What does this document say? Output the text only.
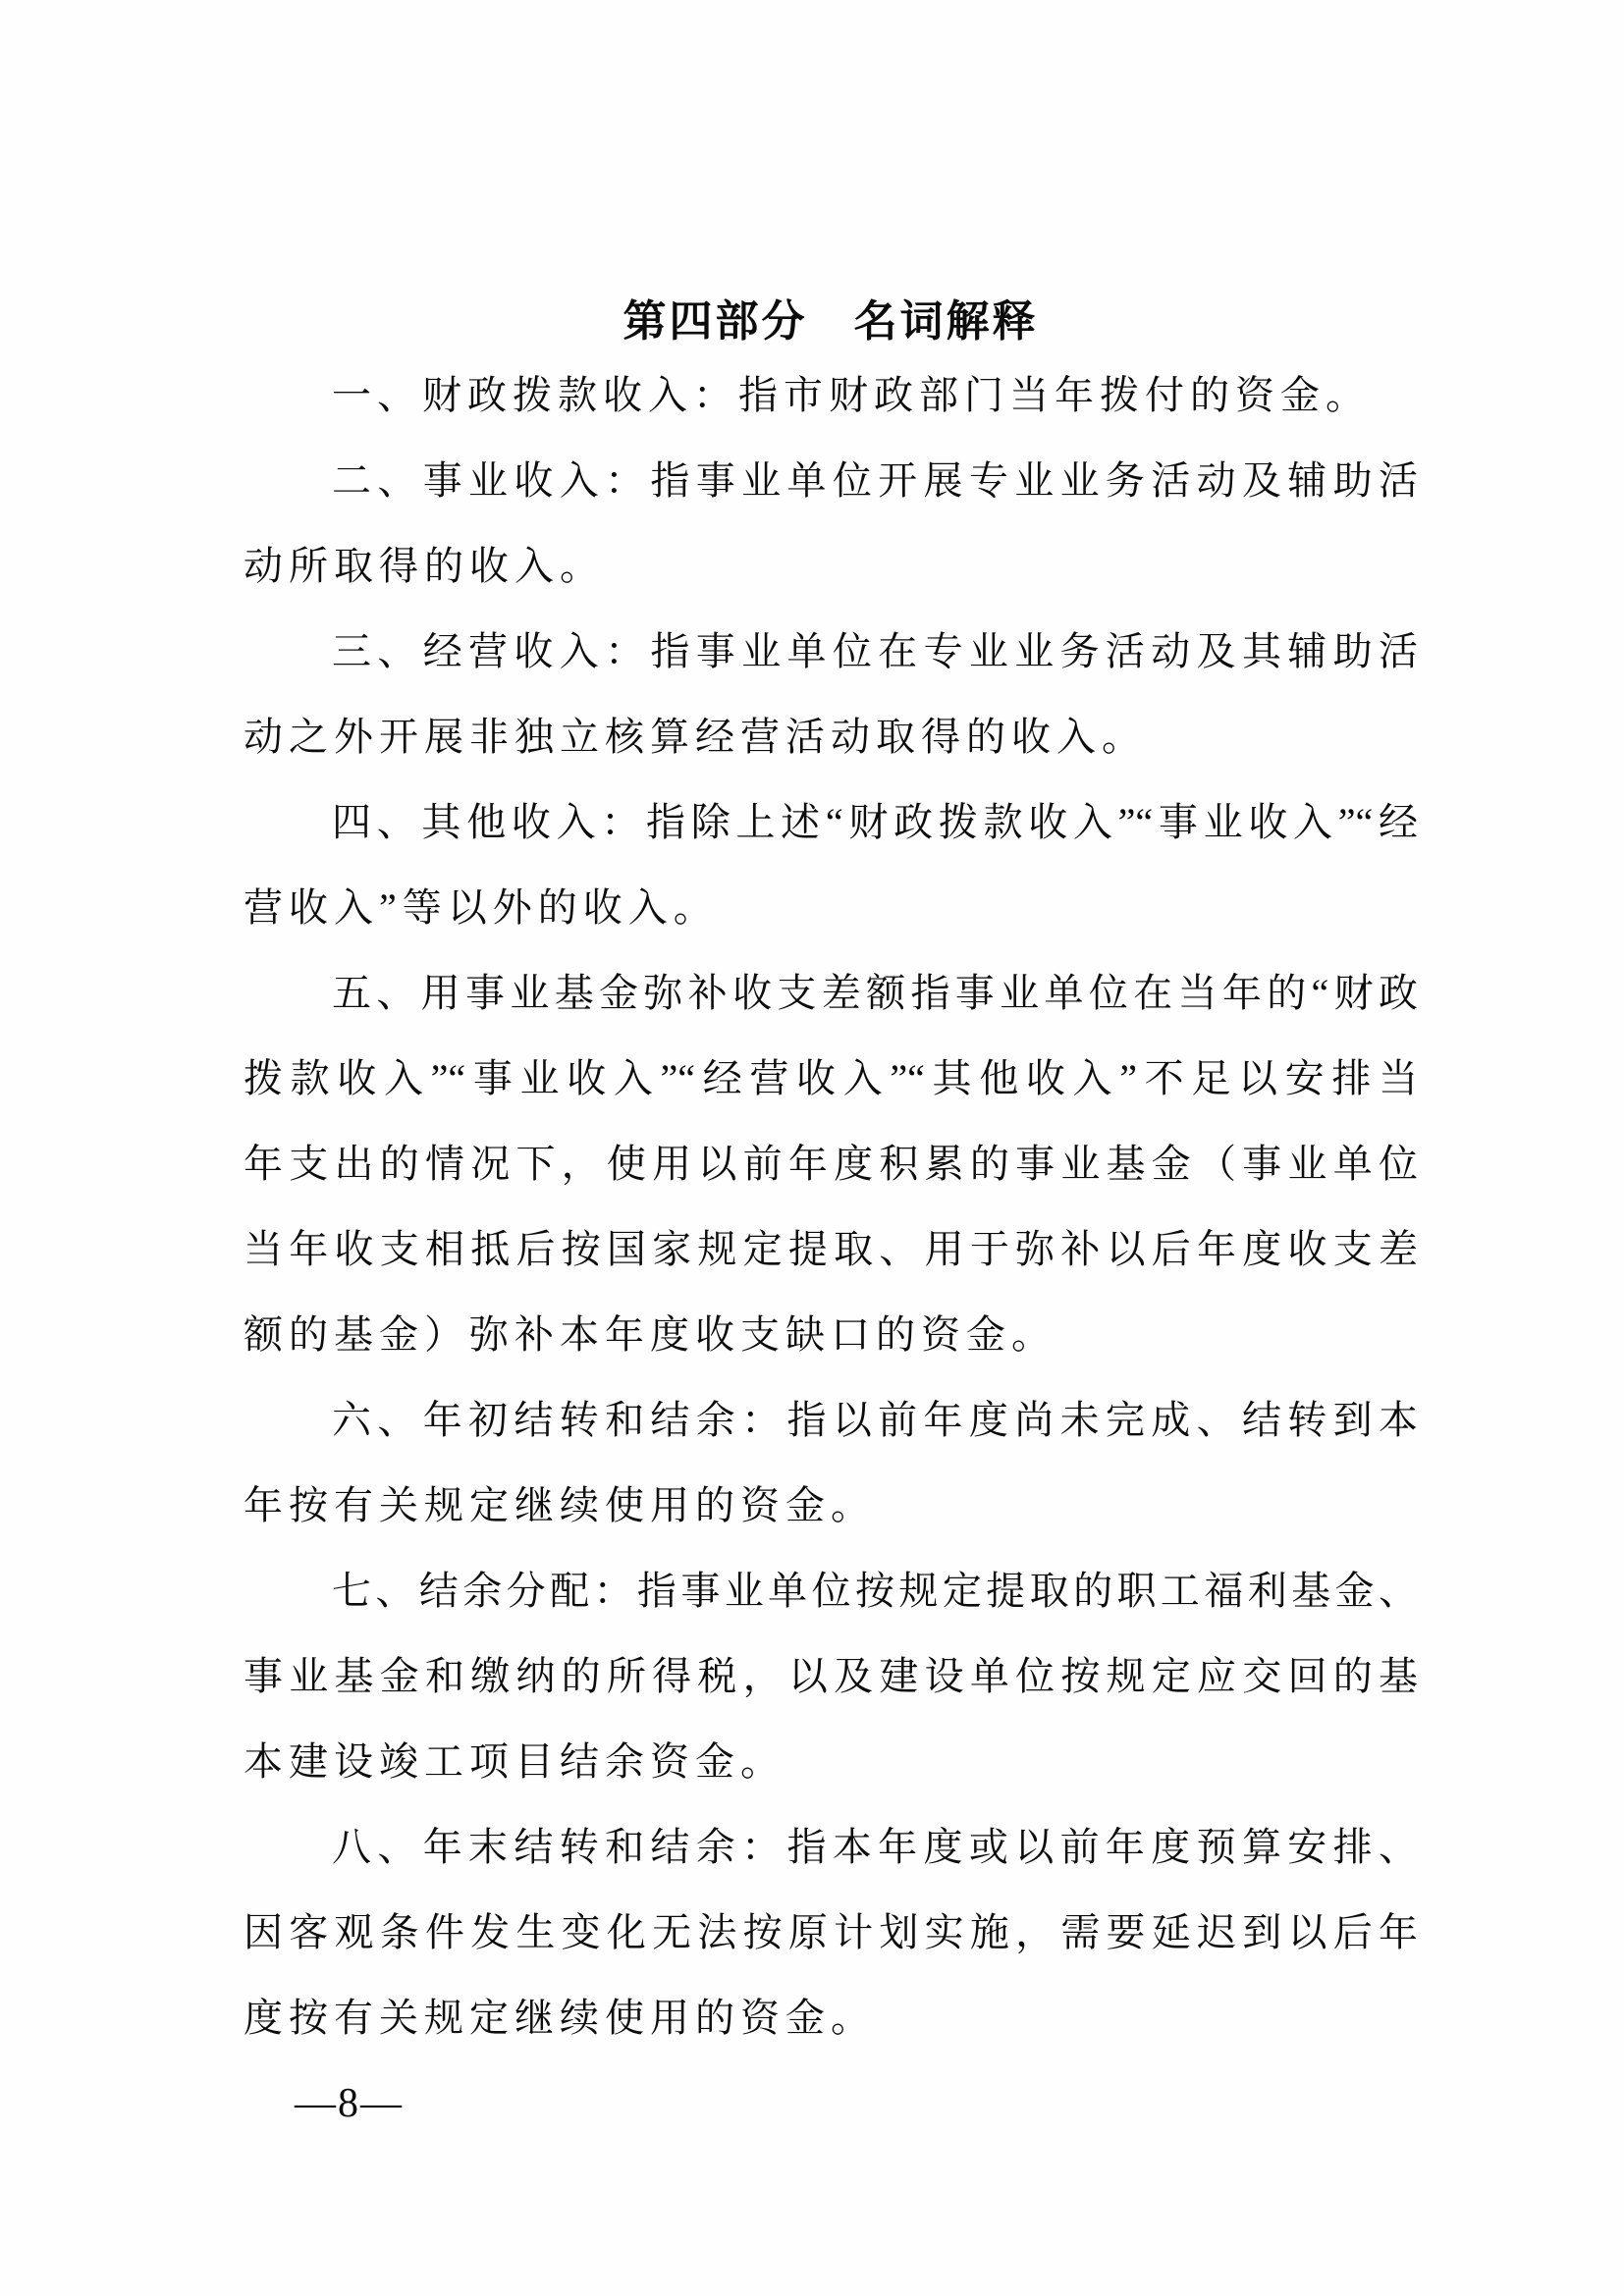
第四部分　名词解释
一、财政拨款收入：指市财政部门当年拨付的资金。
二、事业收入：指事业单位开展专业业务活动及辅助活
动所取得的收入。
三、经营收入：指事业单位在专业业务活动及其辅助活
动之外开展非独立核算经营活动取得的收入。
四、其他收入：指除上述“财政拨款收入”“事业收入”“经
营收入”等以外的收入。
五、用事业基金弥补收支差额指事业单位在当年的“财政
拨款收入”“事业收入”“经营收入”“其他收入”不足以安排当
年支出的情况下，使用以前年度积累的事业基金（事业单位
当年收支相抵后按国家规定提取、用于弥补以后年度收支差
额的基金）弥补本年度收支缺口的资金。
六、年初结转和结余：指以前年度尚未完成、结转到本
年按有关规定继续使用的资金。
七、结余分配：指事业单位按规定提取的职工福利基金、
事业基金和缴纳的所得税，以及建设单位按规定应交回的基
本建设竣工项目结余资金。
八、年末结转和结余：指本年度或以前年度预算安排、
因客观条件发生变化无法按原计划实施，需要延迟到以后年
度按有关规定继续使用的资金。
—8—
